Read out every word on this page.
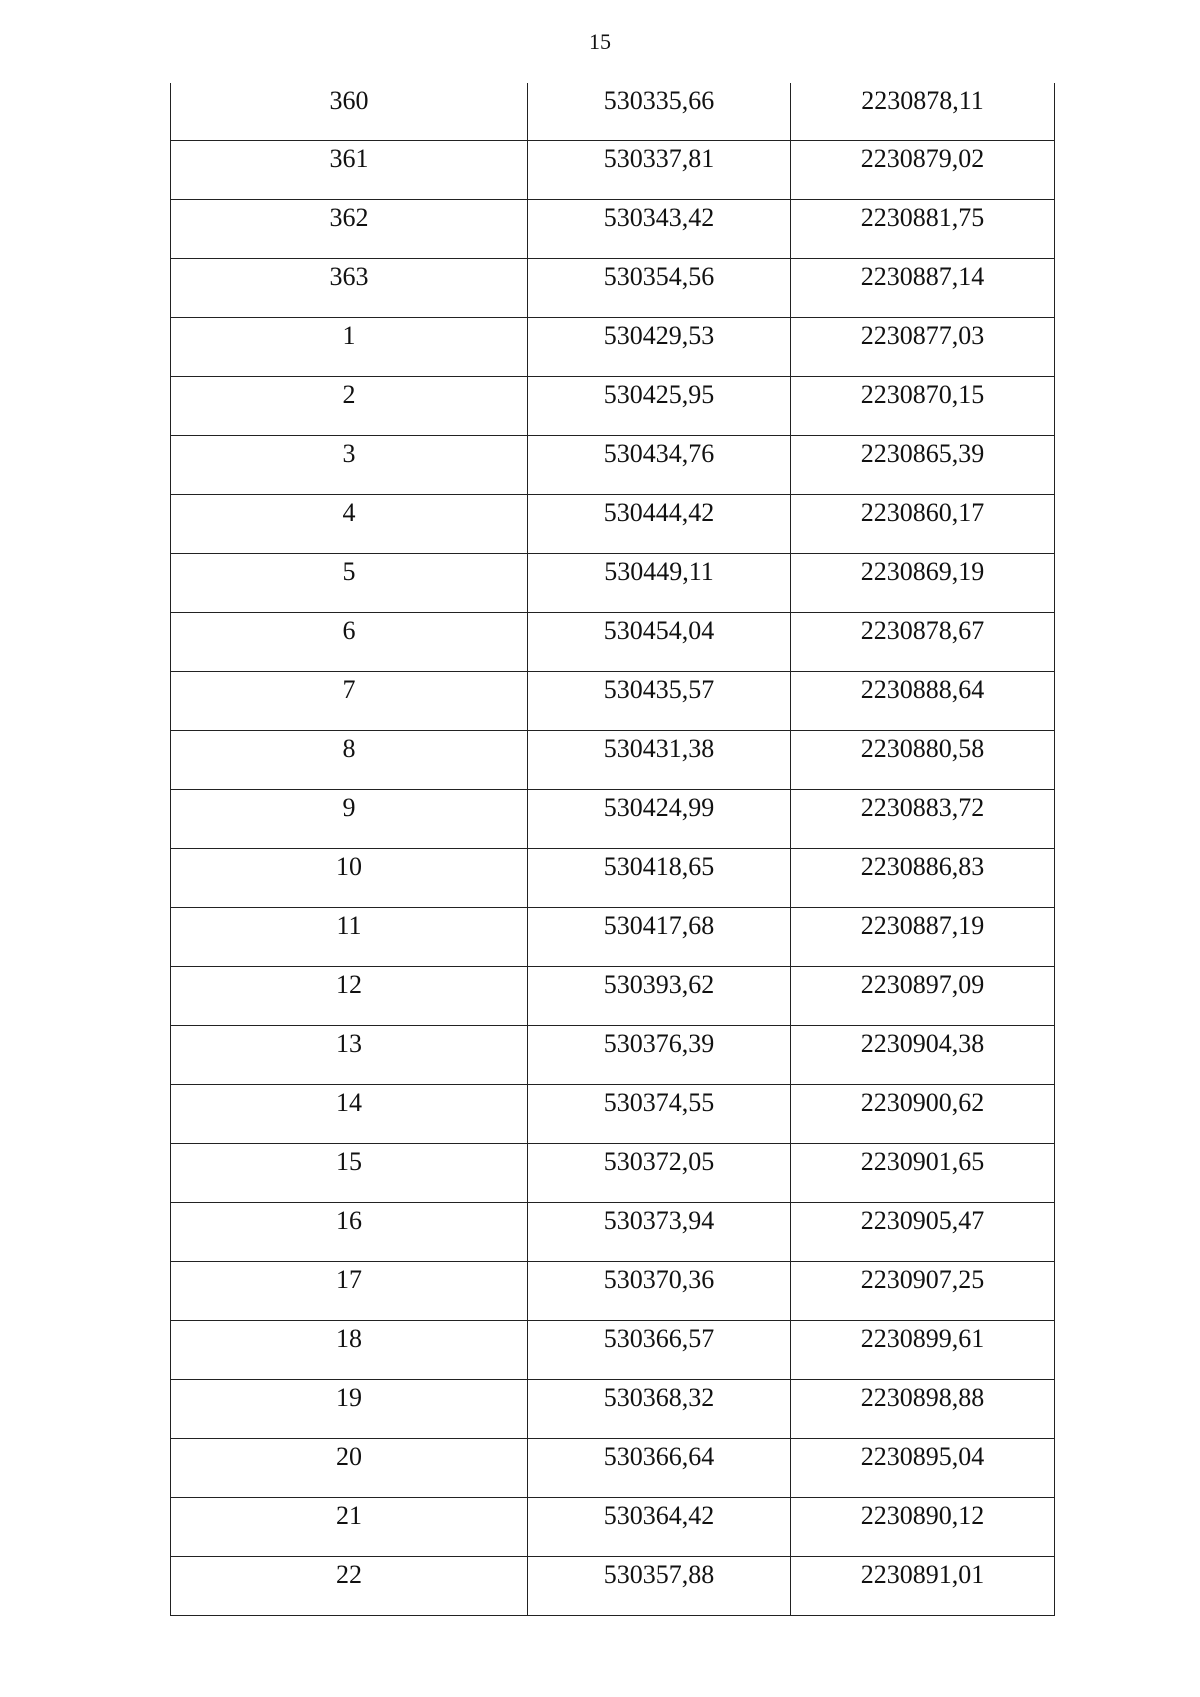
15
360	530335,66	2230878,11
361	530337,81	2230879,02
362	530343,42	2230881,75
363	530354,56	2230887,14
1	530429,53	2230877,03
2	530425,95	2230870,15
3	530434,76	2230865,39
4	530444,42	2230860,17
5	530449,11	2230869,19
6	530454,04	2230878,67
7	530435,57	2230888,64
8	530431,38	2230880,58
9	530424,99	2230883,72
10	530418,65	2230886,83
11	530417,68	2230887,19
12	530393,62	2230897,09
13	530376,39	2230904,38
14	530374,55	2230900,62
15	530372,05	2230901,65
16	530373,94	2230905,47
17	530370,36	2230907,25
18	530366,57	2230899,61
19	530368,32	2230898,88
20	530366,64	2230895,04
21	530364,42	2230890,12
22	530357,88	2230891,01
